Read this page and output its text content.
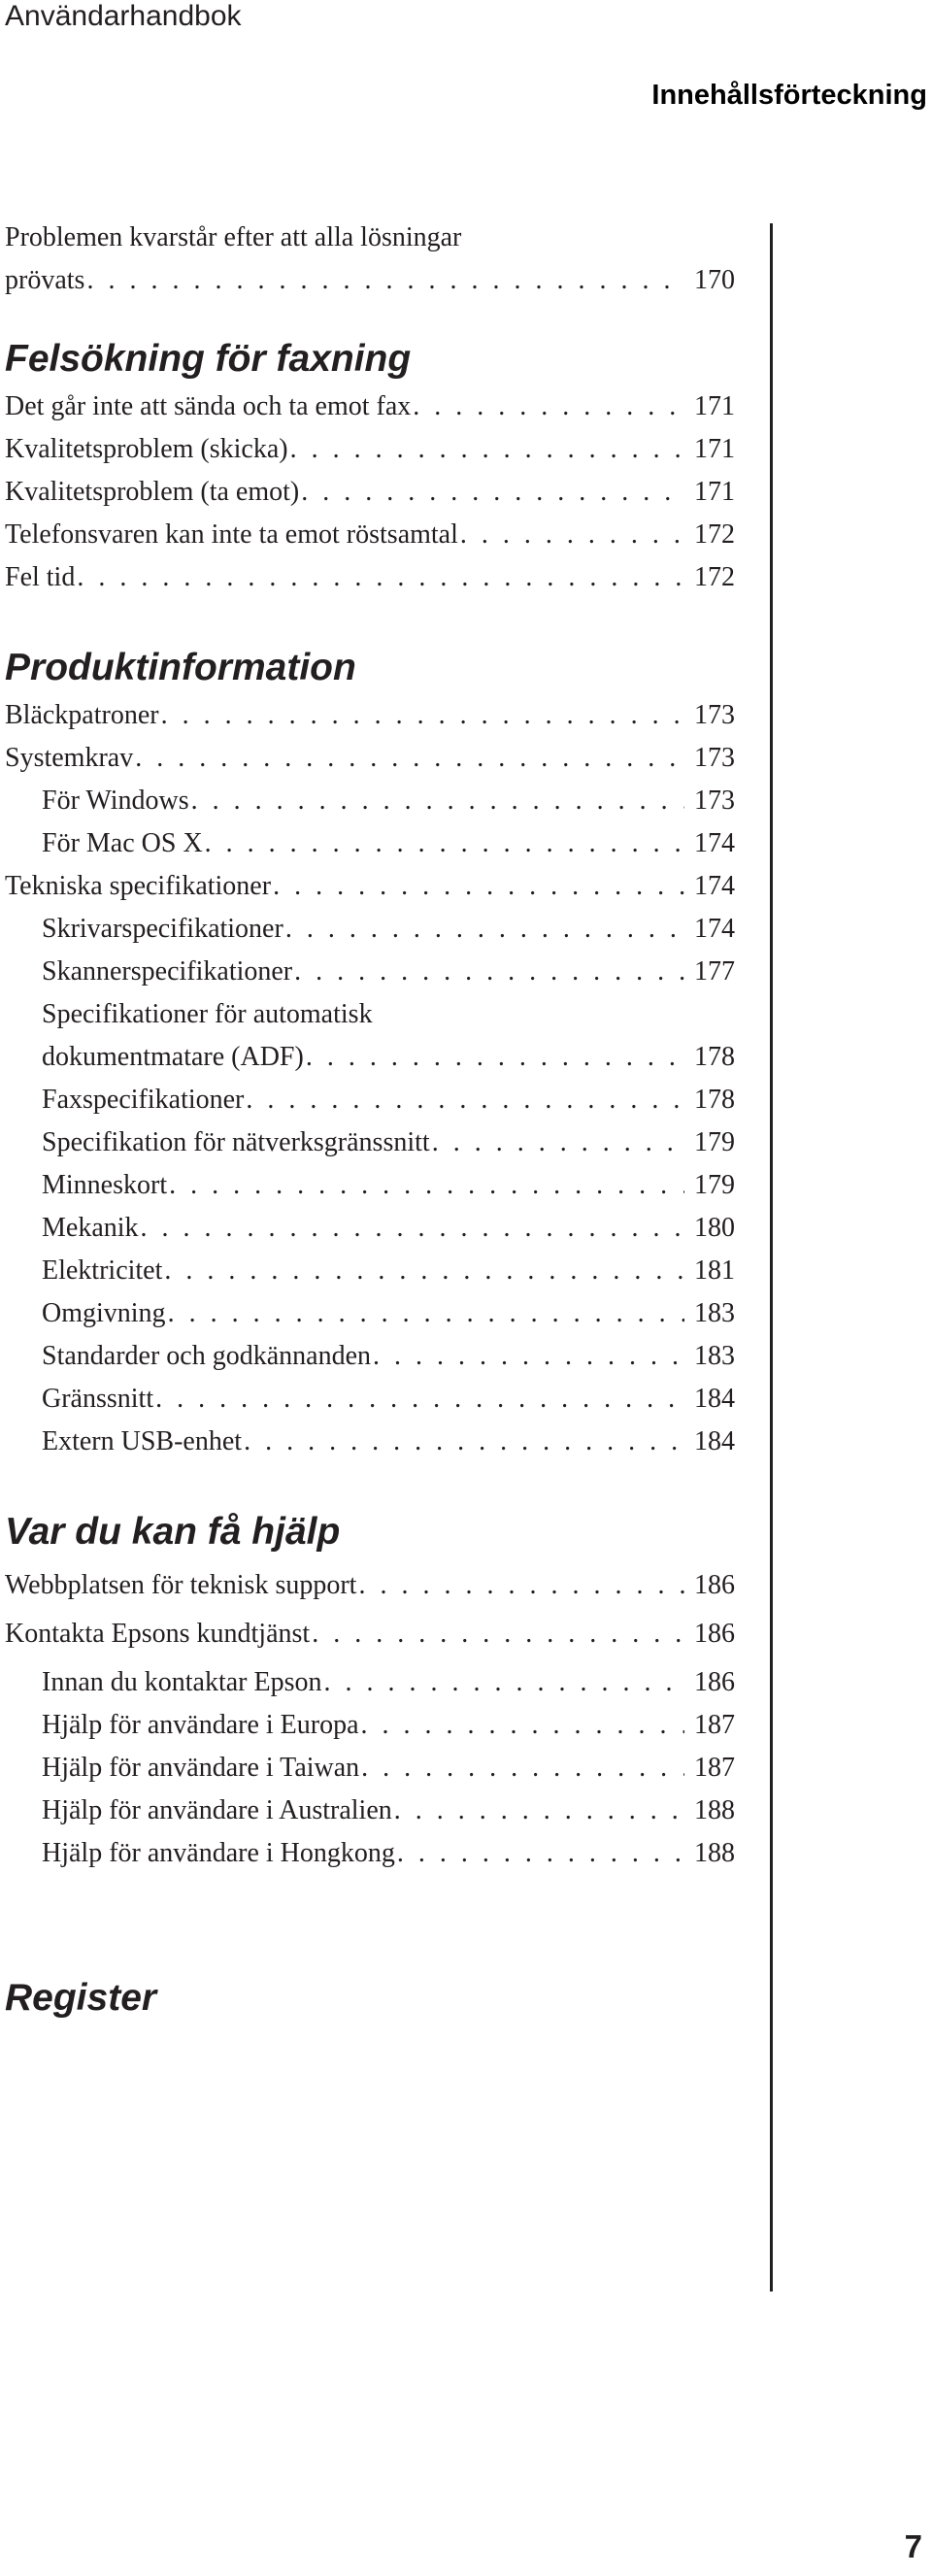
Användarhandbok
Innehållsförteckning
Problemen kvarstår efter att alla lösningar
prövats . . .	170
Felsökning för faxning
Det går inte att sända och ta emot fax . . .	171
Kvalitetsproblem (skicka) . . .	171
Kvalitetsproblem (ta emot) . . .	171
Telefonsvaren kan inte ta emot röstsamtal . . .	172
Fel tid . . .	172
Produktinformation
Bläckpatroner . . .	173
Systemkrav . . .	173
För Windows . . .	173
För Mac OS X . . .	174
Tekniska specifikationer . . .	174
Skrivarspecifikationer . . .	174
Skannerspecifikationer . . .	177
Specifikationer för automatisk
dokumentmatare (ADF) . . .	178
Faxspecifikationer . . .	178
Specifikation för nätverksgränssnitt . . .	179
Minneskort . . .	179
Mekanik . . .	180
Elektricitet . . .	181
Omgivning . . .	183
Standarder och godkännanden . . .	183
Gränssnitt . . .	184
Extern USB-enhet . . .	184
Var du kan få hjälp
Webbplatsen för teknisk support . . .	186
Kontakta Epsons kundtjänst . . .	186
Innan du kontaktar Epson . . .	186
Hjälp för användare i Europa . . .	187
Hjälp för användare i Taiwan . . .	187
Hjälp för användare i Australien . . .	188
Hjälp för användare i Hongkong . . .	188
Register
7
